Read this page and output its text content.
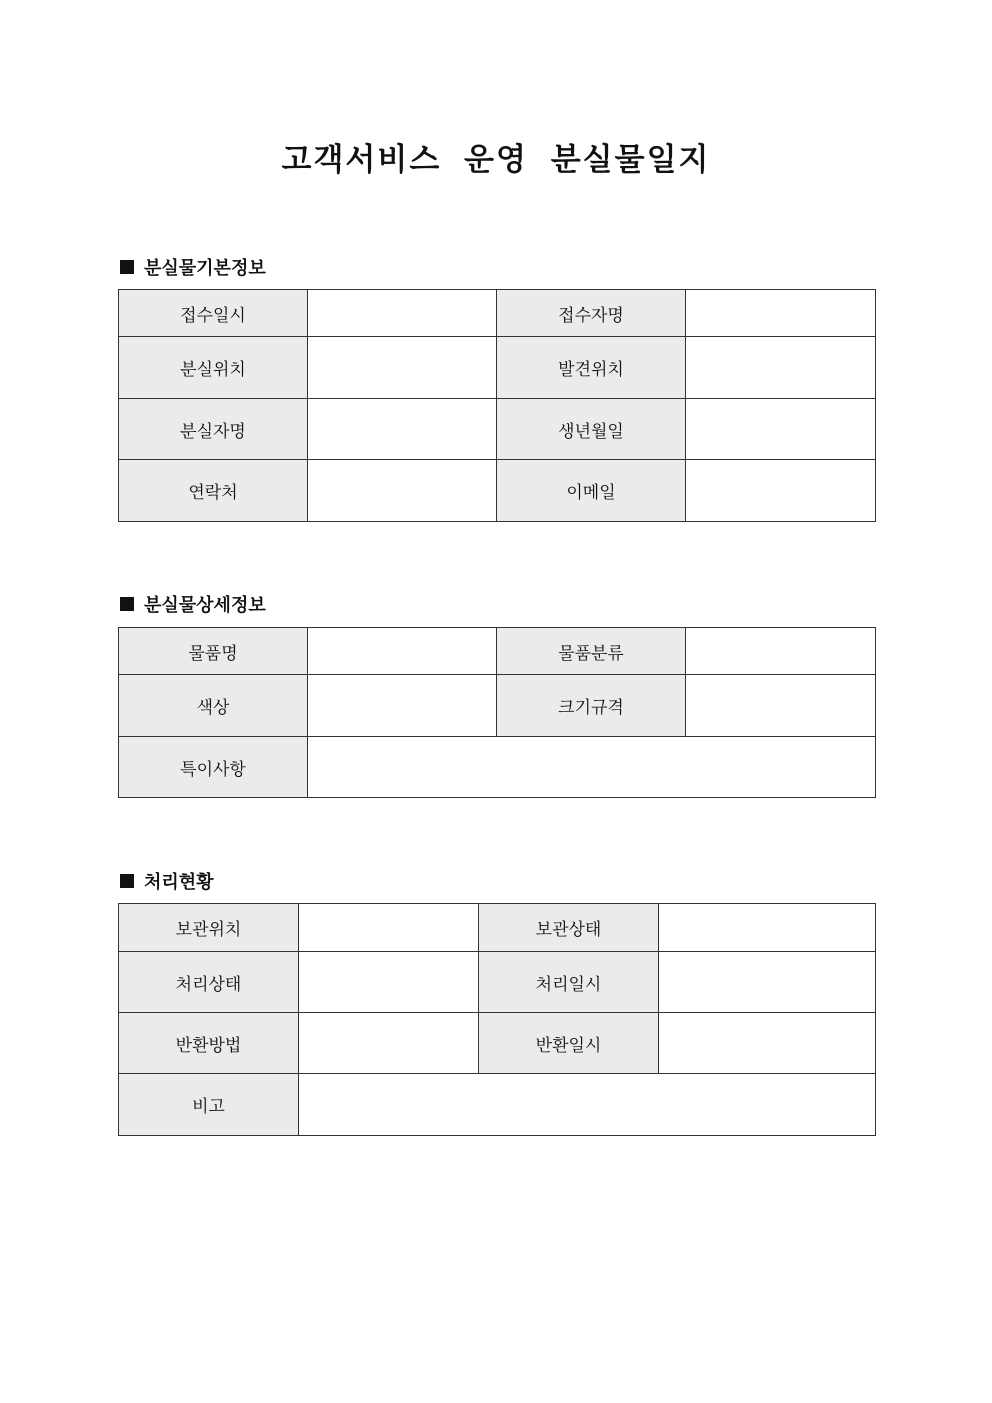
고객서비스 운영 분실물일지
분실물기본정보
접수일시		접수자명	
분실위치		발견위치	
분실자명		생년월일	
연락처		이메일	
분실물상세정보
물품명		물품분류	
색상		크기규격	
특이사항			
처리현황
보관위치		보관상태	
처리상태		처리일시	
반환방법		반환일시	
비고			
